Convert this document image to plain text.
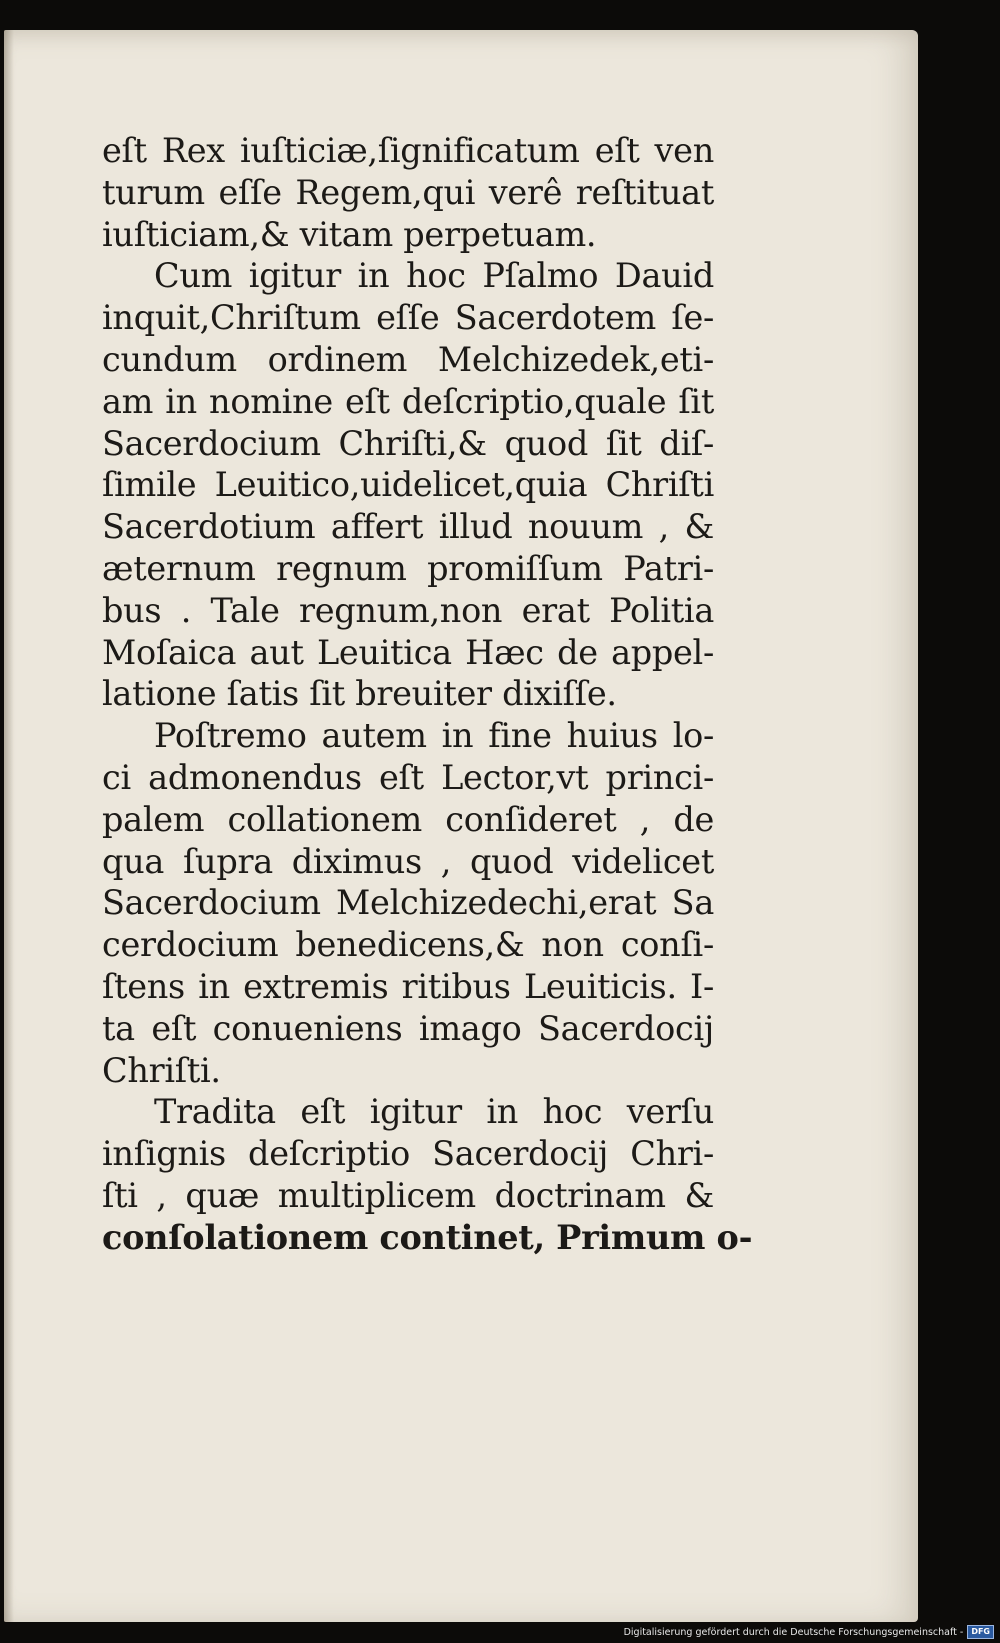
eſt Rex iuſticiæ,ſignificatum eſt ven
turum eſſe Regem,qui verê reſtituat
iuſticiam,& vitam perpetuam.
Cum igitur in hoc Pſalmo Dauid
inquit,Chriſtum eſſe Sacerdotem ſe-
cundum ordinem Melchizedek,eti-
am in nomine eſt deſcriptio,quale ſit
Sacerdocium Chriſti,& quod ſit diſ-
ſimile Leuitico,uidelicet,quia Chriſti
Sacerdotium affert illud nouum , &
æternum regnum promiſſum Patri-
bus . Tale regnum,non erat Politia
Moſaica aut Leuitica Hæc de appel-
latione ſatis ſit breuiter dixiſſe.
Poſtremo autem in fine huius lo-
ci admonendus eſt Lector,vt princi-
palem collationem conſideret , de
qua ſupra diximus , quod videlicet
Sacerdocium Melchizedechi,erat Sa
cerdocium benedicens,& non conſi-
ſtens in extremis ritibus Leuiticis. I-
ta eſt conueniens imago Sacerdocij
Chriſti.
Tradita eſt igitur in hoc verſu
inſignis deſcriptio Sacerdocij Chri-
ſti , quæ multiplicem doctrinam &
conſolationem continet, Primum o-
Digitalisierung gefördert durch die Deutsche Forschungsgemeinschaft -	DFG
